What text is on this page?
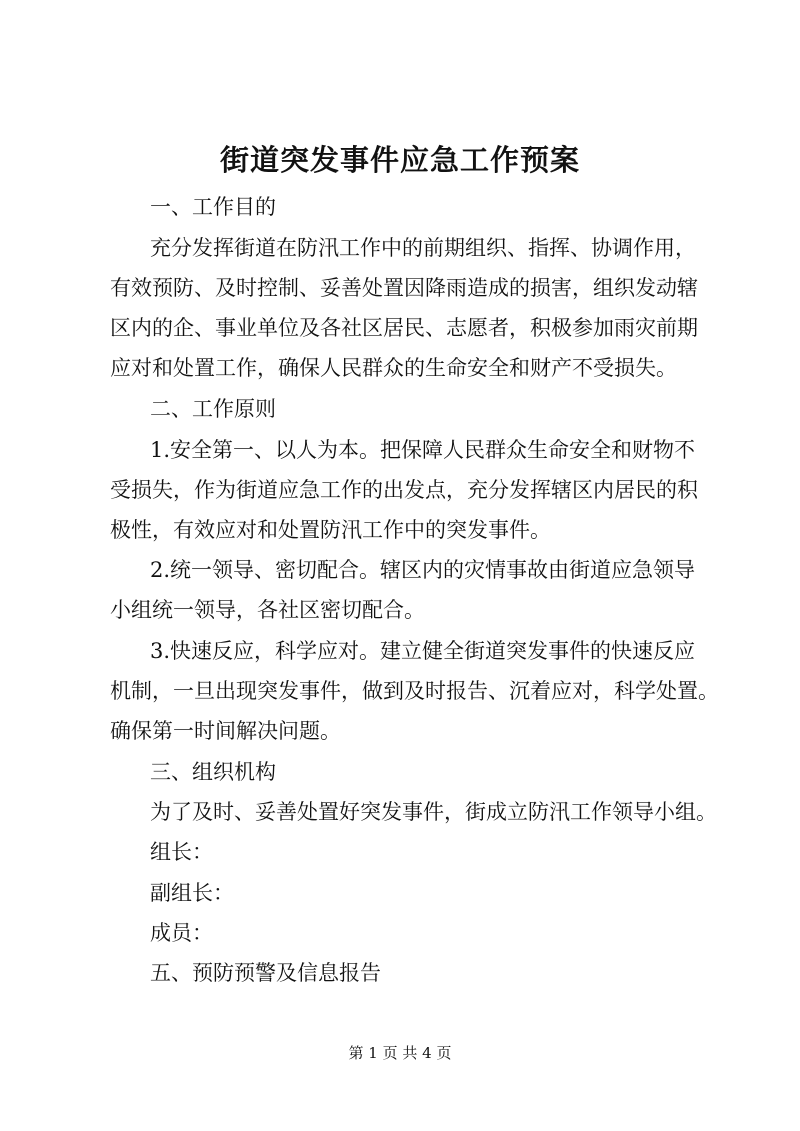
街道突发事件应急工作预案
一、工作目的
充分发挥街道在防汛工作中的前期组织、指挥、协调作用，
有效预防、及时控制、妥善处置因降雨造成的损害，组织发动辖
区内的企、事业单位及各社区居民、志愿者，积极参加雨灾前期
应对和处置工作，确保人民群众的生命安全和财产不受损失。
二、工作原则
1.安全第一、以人为本。把保障人民群众生命安全和财物不
受损失，作为街道应急工作的出发点，充分发挥辖区内居民的积
极性，有效应对和处置防汛工作中的突发事件。
2.统一领导、密切配合。辖区内的灾情事故由街道应急领导
小组统一领导，各社区密切配合。
3.快速反应，科学应对。建立健全街道突发事件的快速反应
机制，一旦出现突发事件，做到及时报告、沉着应对，科学处置。
确保第一时间解决问题。
三、组织机构
为了及时、妥善处置好突发事件，街成立防汛工作领导小组。
组长：
副组长：
成员：
五、预防预警及信息报告
第 1 页 共 4 页
